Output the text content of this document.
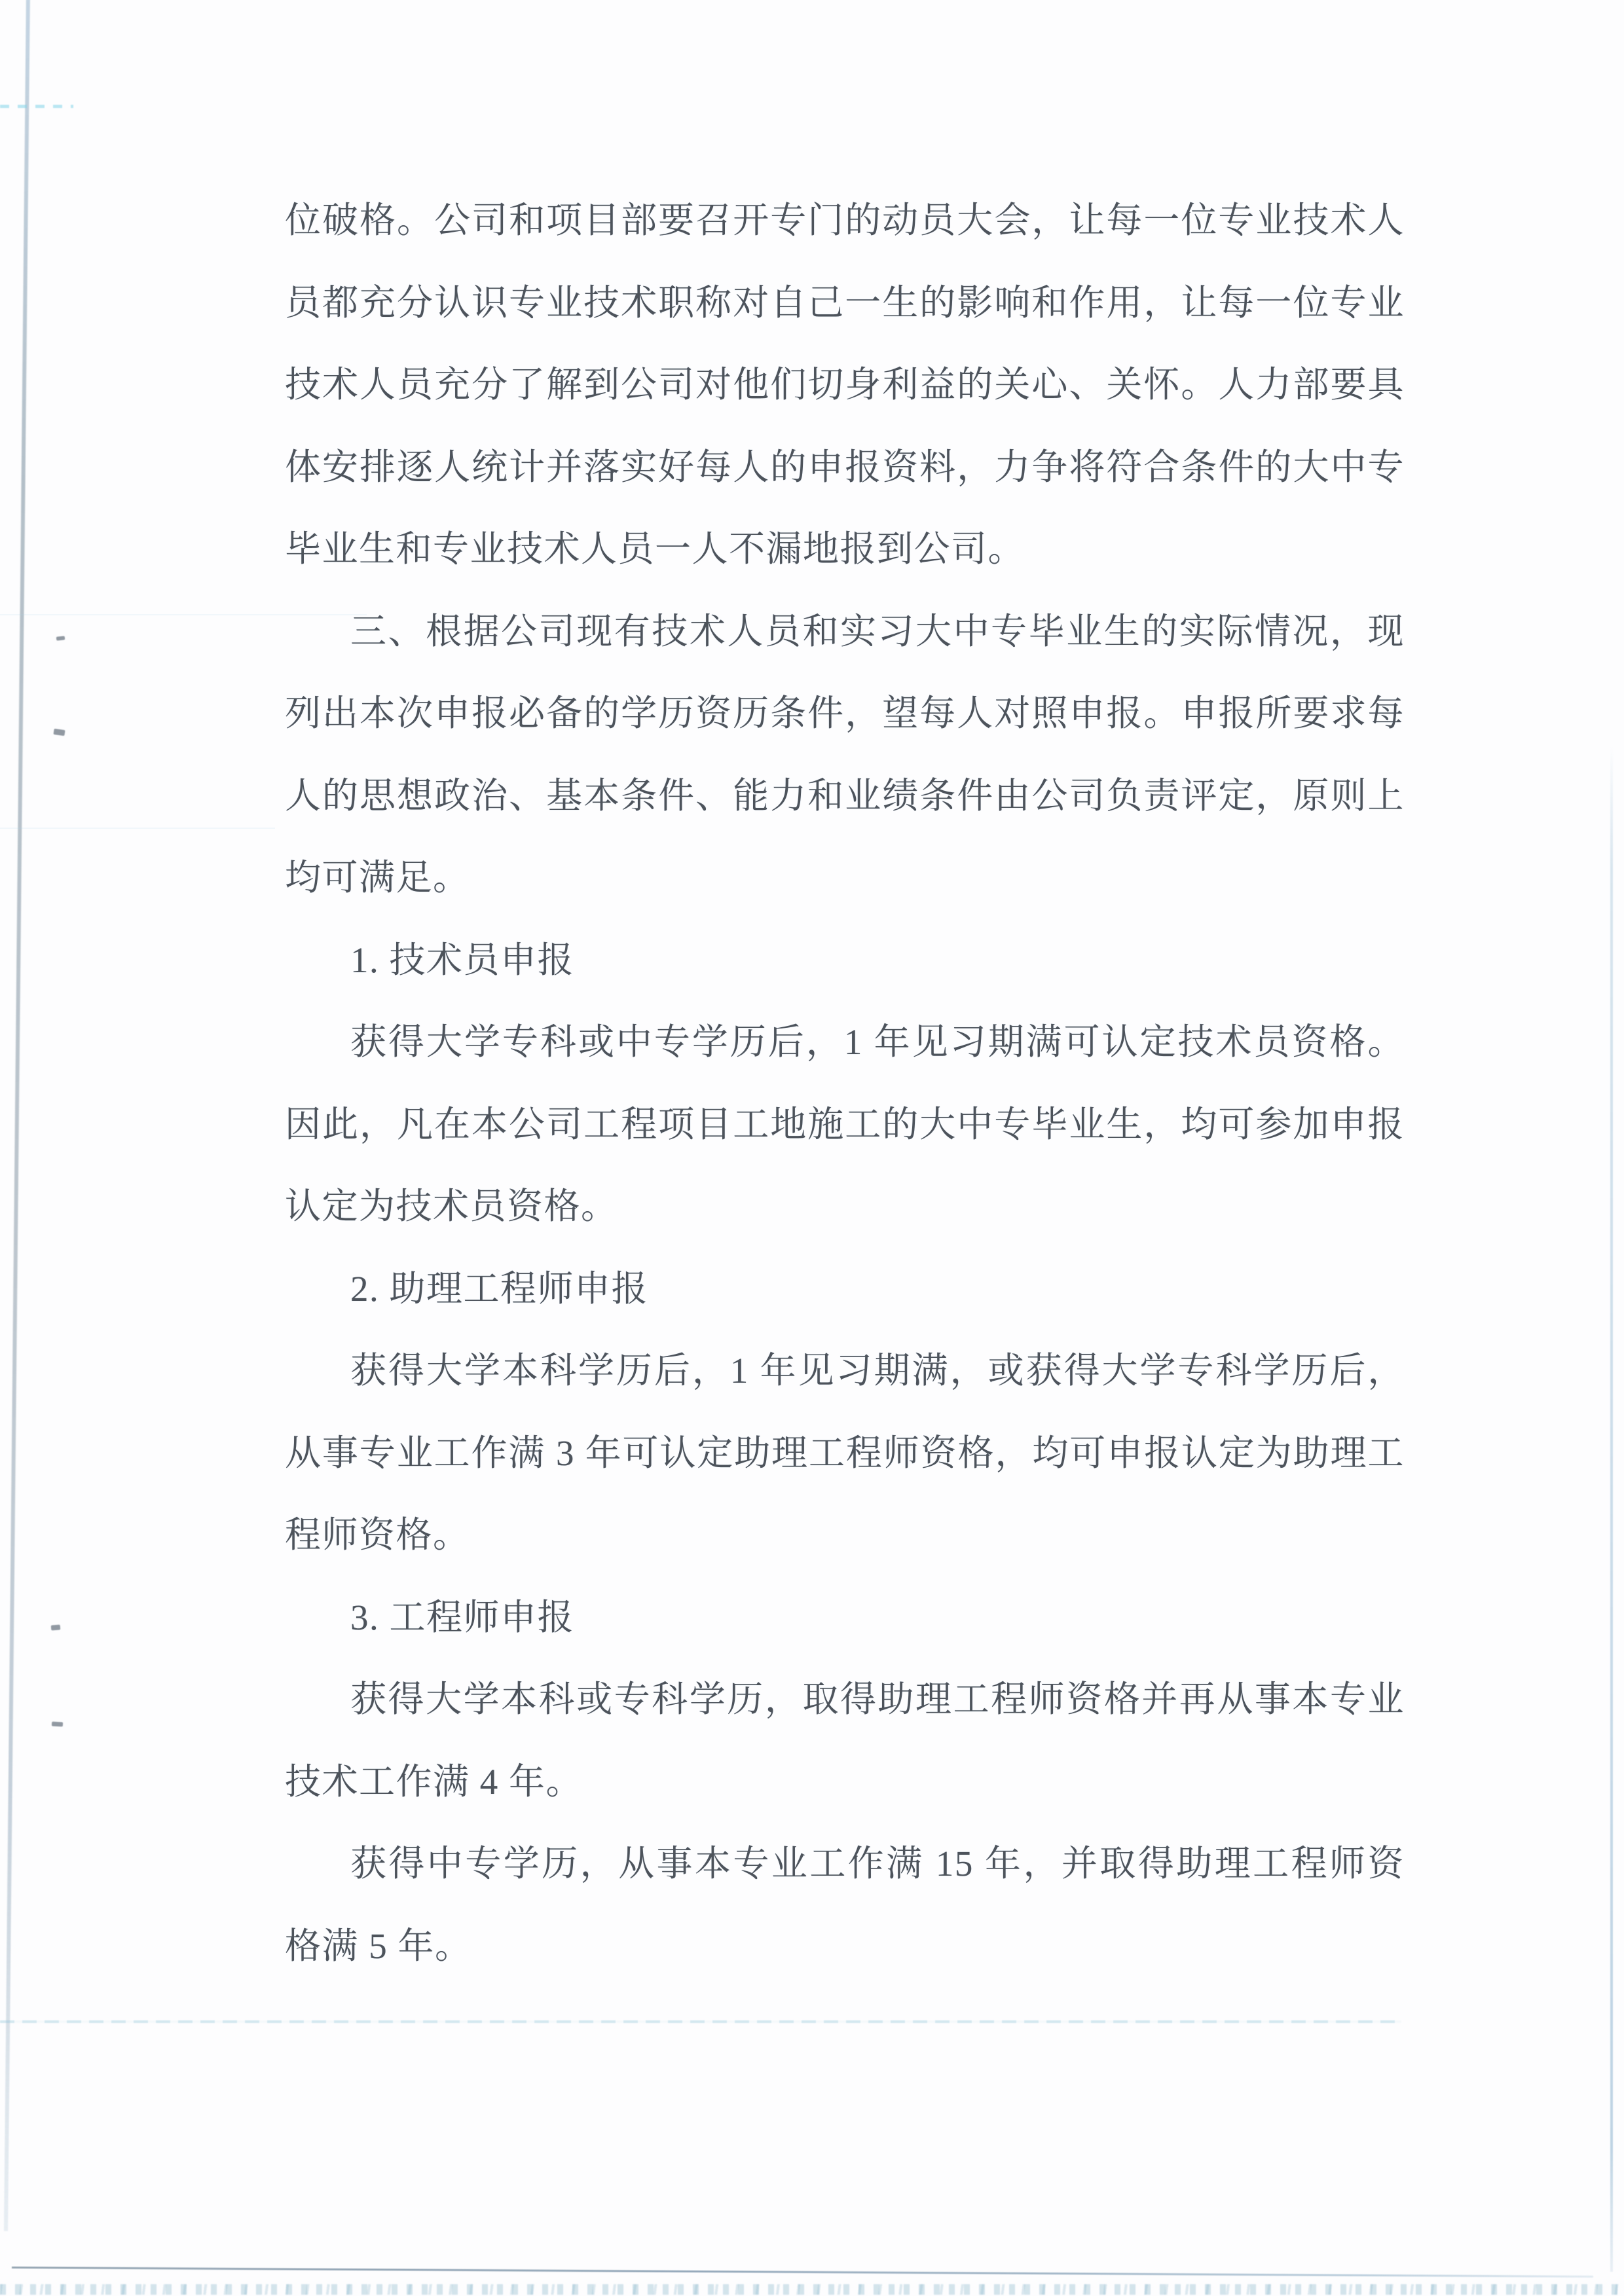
位破格。公司和项目部要召开专门的动员大会，让每一位专业技术人
员都充分认识专业技术职称对自己一生的影响和作用，让每一位专业
技术人员充分了解到公司对他们切身利益的关心、关怀。人力部要具
体安排逐人统计并落实好每人的申报资料，力争将符合条件的大中专
毕业生和专业技术人员一人不漏地报到公司。
三、根据公司现有技术人员和实习大中专毕业生的实际情况，现
列出本次申报必备的学历资历条件，望每人对照申报。申报所要求每
人的思想政治、基本条件、能力和业绩条件由公司负责评定，原则上
均可满足。
1. 技术员申报
获得大学专科或中专学历后，1 年见习期满可认定技术员资格。
因此，凡在本公司工程项目工地施工的大中专毕业生，均可参加申报
认定为技术员资格。
2. 助理工程师申报
获得大学本科学历后，1 年见习期满，或获得大学专科学历后，
从事专业工作满 3 年可认定助理工程师资格，均可申报认定为助理工
程师资格。
3. 工程师申报
获得大学本科或专科学历，取得助理工程师资格并再从事本专业
技术工作满 4 年。
获得中专学历，从事本专业工作满 15 年，并取得助理工程师资
格满 5 年。
